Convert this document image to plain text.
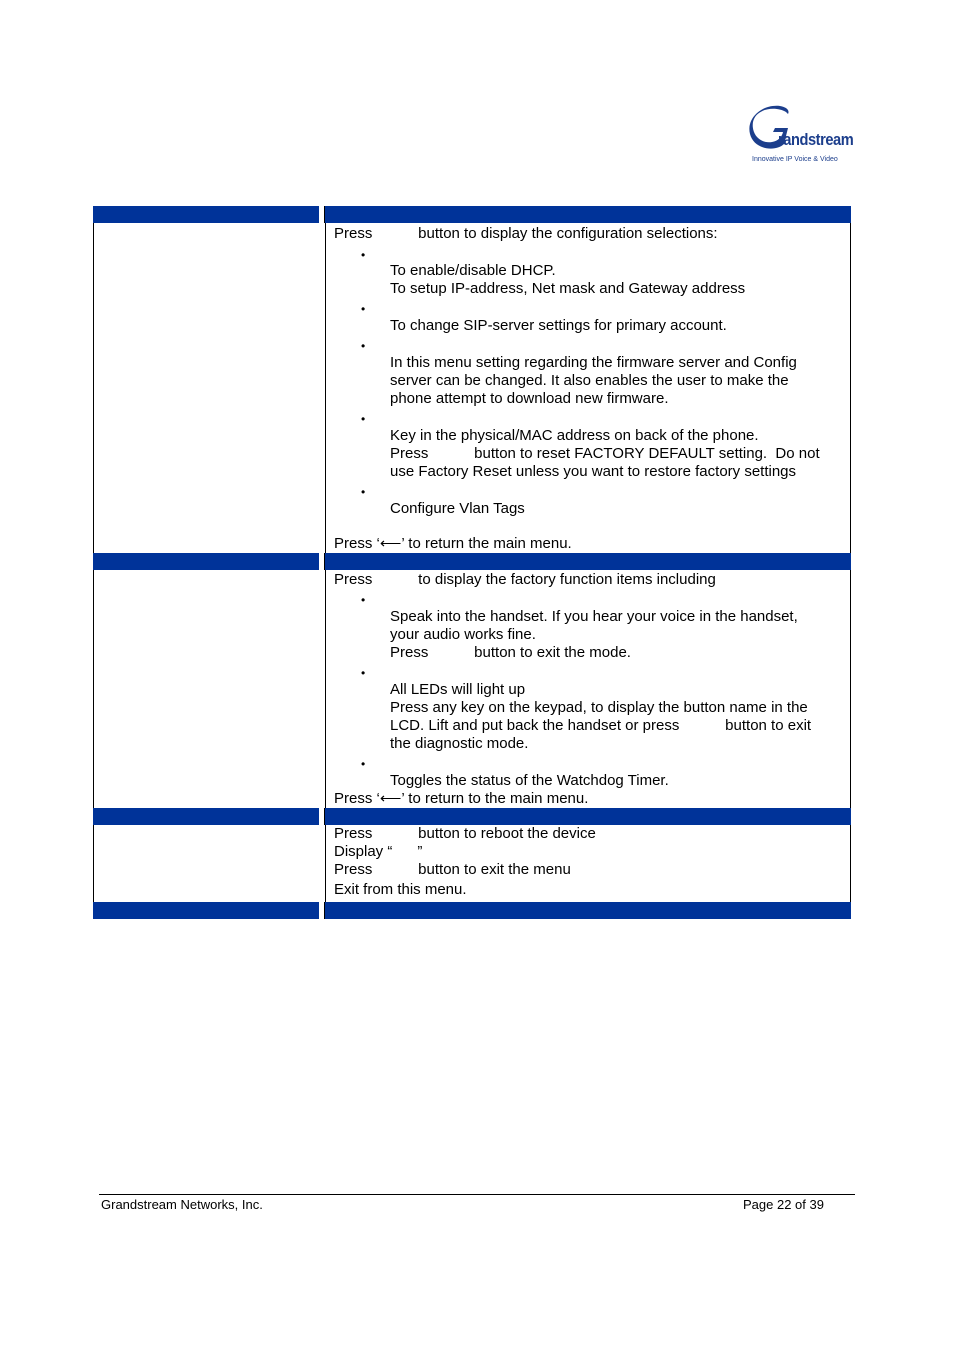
randstream
Innovative IP Voice & Video
Press           button to display the configuration selections:
•
To enable/disable DHCP.
To setup IP-address, Net mask and Gateway address
•
To change SIP-server settings for primary account.
•
In this menu setting regarding the firmware server and Config
server can be changed. It also enables the user to make the
phone attempt to download new firmware.
•
Key in the physical/MAC address on back of the phone.
Press           button to reset FACTORY DEFAULT setting.  Do not
use Factory Reset unless you want to restore factory settings
•
Configure Vlan Tags
Press ‘⟵’ to return the main menu.
Press           to display the factory function items including
•
Speak into the handset. If you hear your voice in the handset,
your audio works fine.
Press           button to exit the mode.
•
All LEDs will light up
Press any key on the keypad, to display the button name in the
LCD. Lift and put back the handset or press           button to exit
the diagnostic mode.
•
Toggles the status of the Watchdog Timer.
Press ‘⟵’ to return to the main menu.
Press           button to reboot the device
Display “      ”
Press           button to exit the menu
Exit from this menu.
Grandstream Networks, Inc.	Page 22 of 39
